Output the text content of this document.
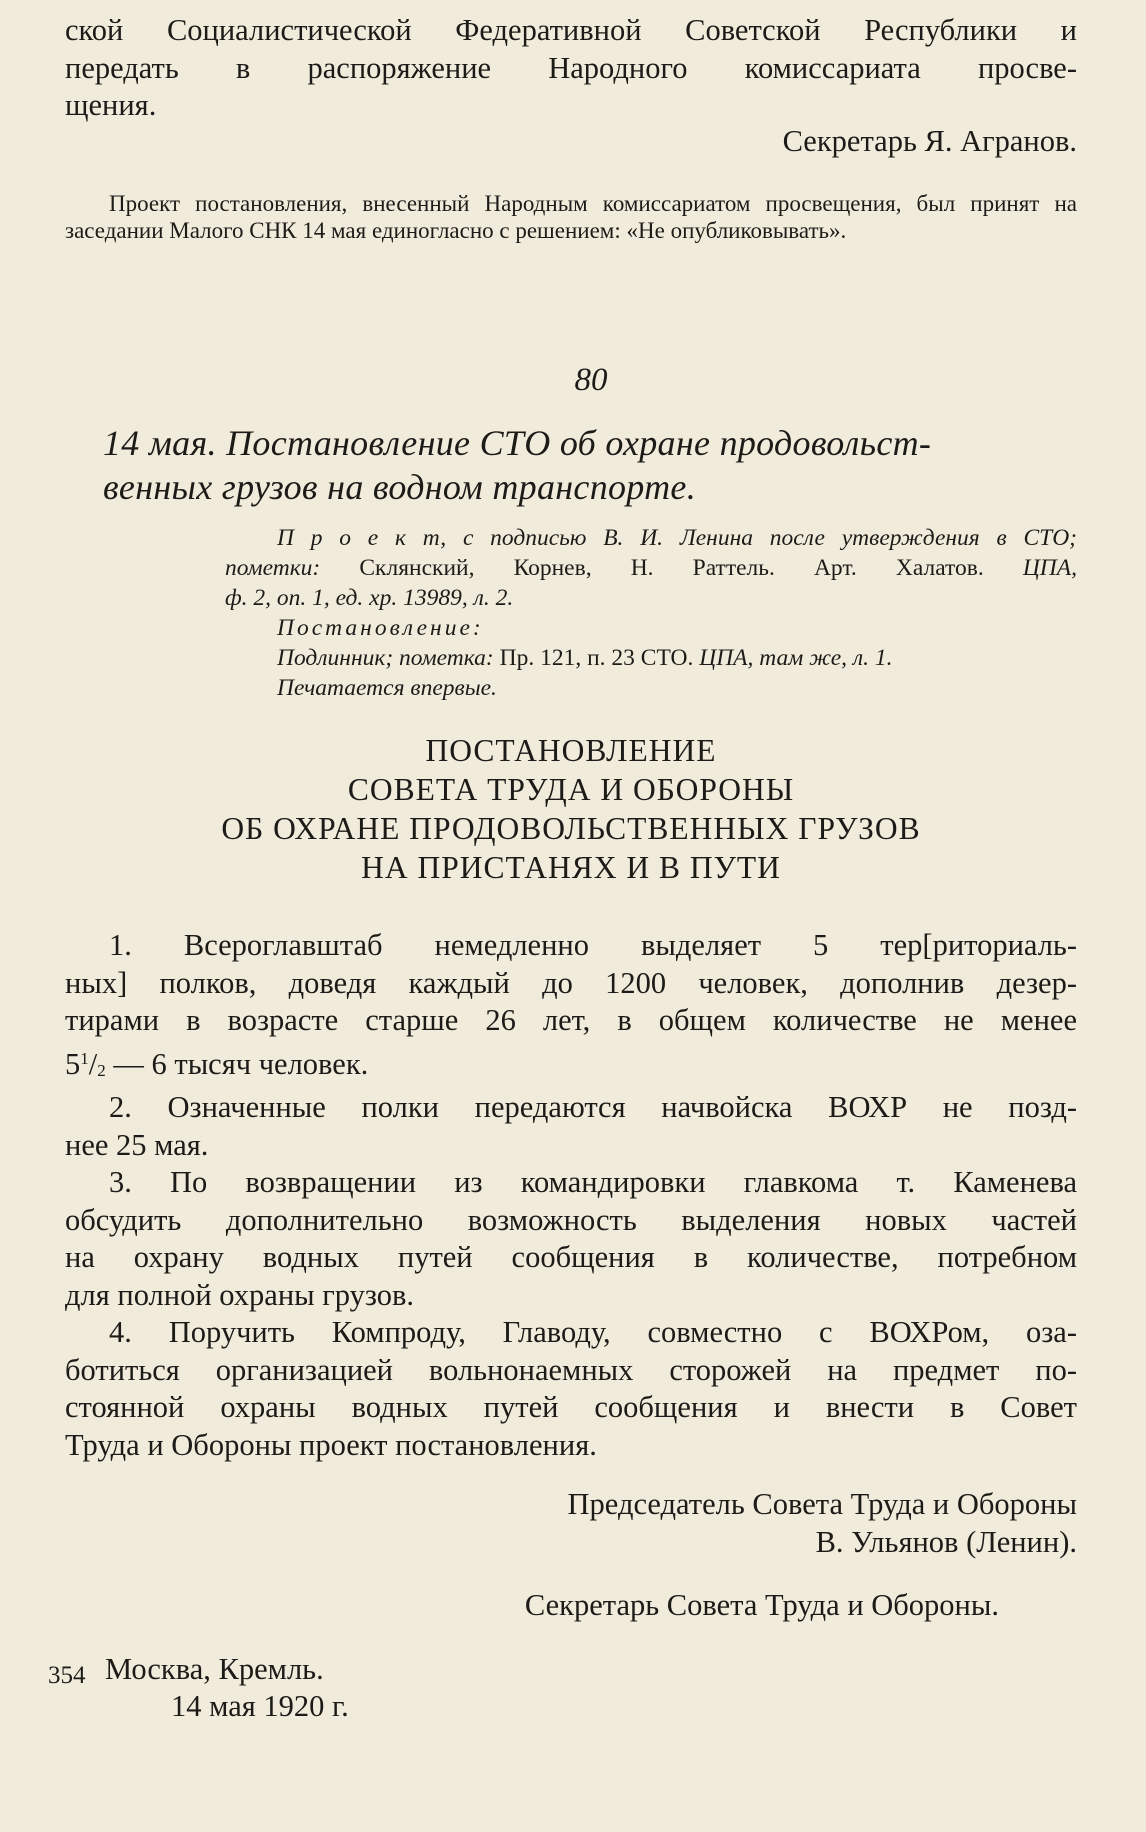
ской Социалистической Федеративной Советской Республики и

передать в распоряжение Народного комиссариата просве-

щения.

Секретарь Я. Агранов.

Проект постановления, внесенный Народным комиссариатом просвещения, был принят на заседании Малого СНК 14 мая единогласно с решением: «Не опубликовывать».
80
14 мая. Постановление СТО об охране продовольст-
венных грузов на водном транспорте.

П р о е к т, с подписью В. И. Ленина после утверждения в СТО;

пометки: Склянский, Корнев, Н. Раттель. Арт. Халатов. ЦПА,

ф. 2, оп. 1, ед. хр. 13989, л. 2.

Постановление:

Подлинник; пометка: Пр. 121, п. 23 СТО. ЦПА, там же, л. 1.

Печатается впервые.

ПОСТАНОВЛЕНИЕ
СОВЕТА ТРУДА И ОБОРОНЫ
ОБ ОХРАНЕ ПРОДОВОЛЬСТВЕННЫХ ГРУЗОВ
НА ПРИСТАНЯХ И В ПУТИ

1. Всероглавштаб немедленно выделяет 5 тер[риториаль-

ных] полков, доведя каждый до 1200 человек, дополнив дезер-

тирами в возрасте старше 26 лет, в общем количестве не менее

$5^1/_2$ — 6 тысяч человек.

2. Означенные полки передаются начвойска ВОХР не позд-

нее 25 мая.

3. По возвращении из командировки главкома т. Каменева

обсудить дополнительно возможность выделения новых частей

на охрану водных путей сообщения в количестве, потребном

для полной охраны грузов.

4. Поручить Компроду, Главоду, совместно с ВОХРом, оза-

ботиться организацией вольнонаемных сторожей на предмет по-

стоянной охраны водных путей сообщения и внести в Совет

Труда и Обороны проект постановления.

Председатель Совета Труда и Обороны
В. Ульянов (Ленин).
Секретарь Совета Труда и Обороны.
Москва, Кремль.
14 мая 1920 г.
354
